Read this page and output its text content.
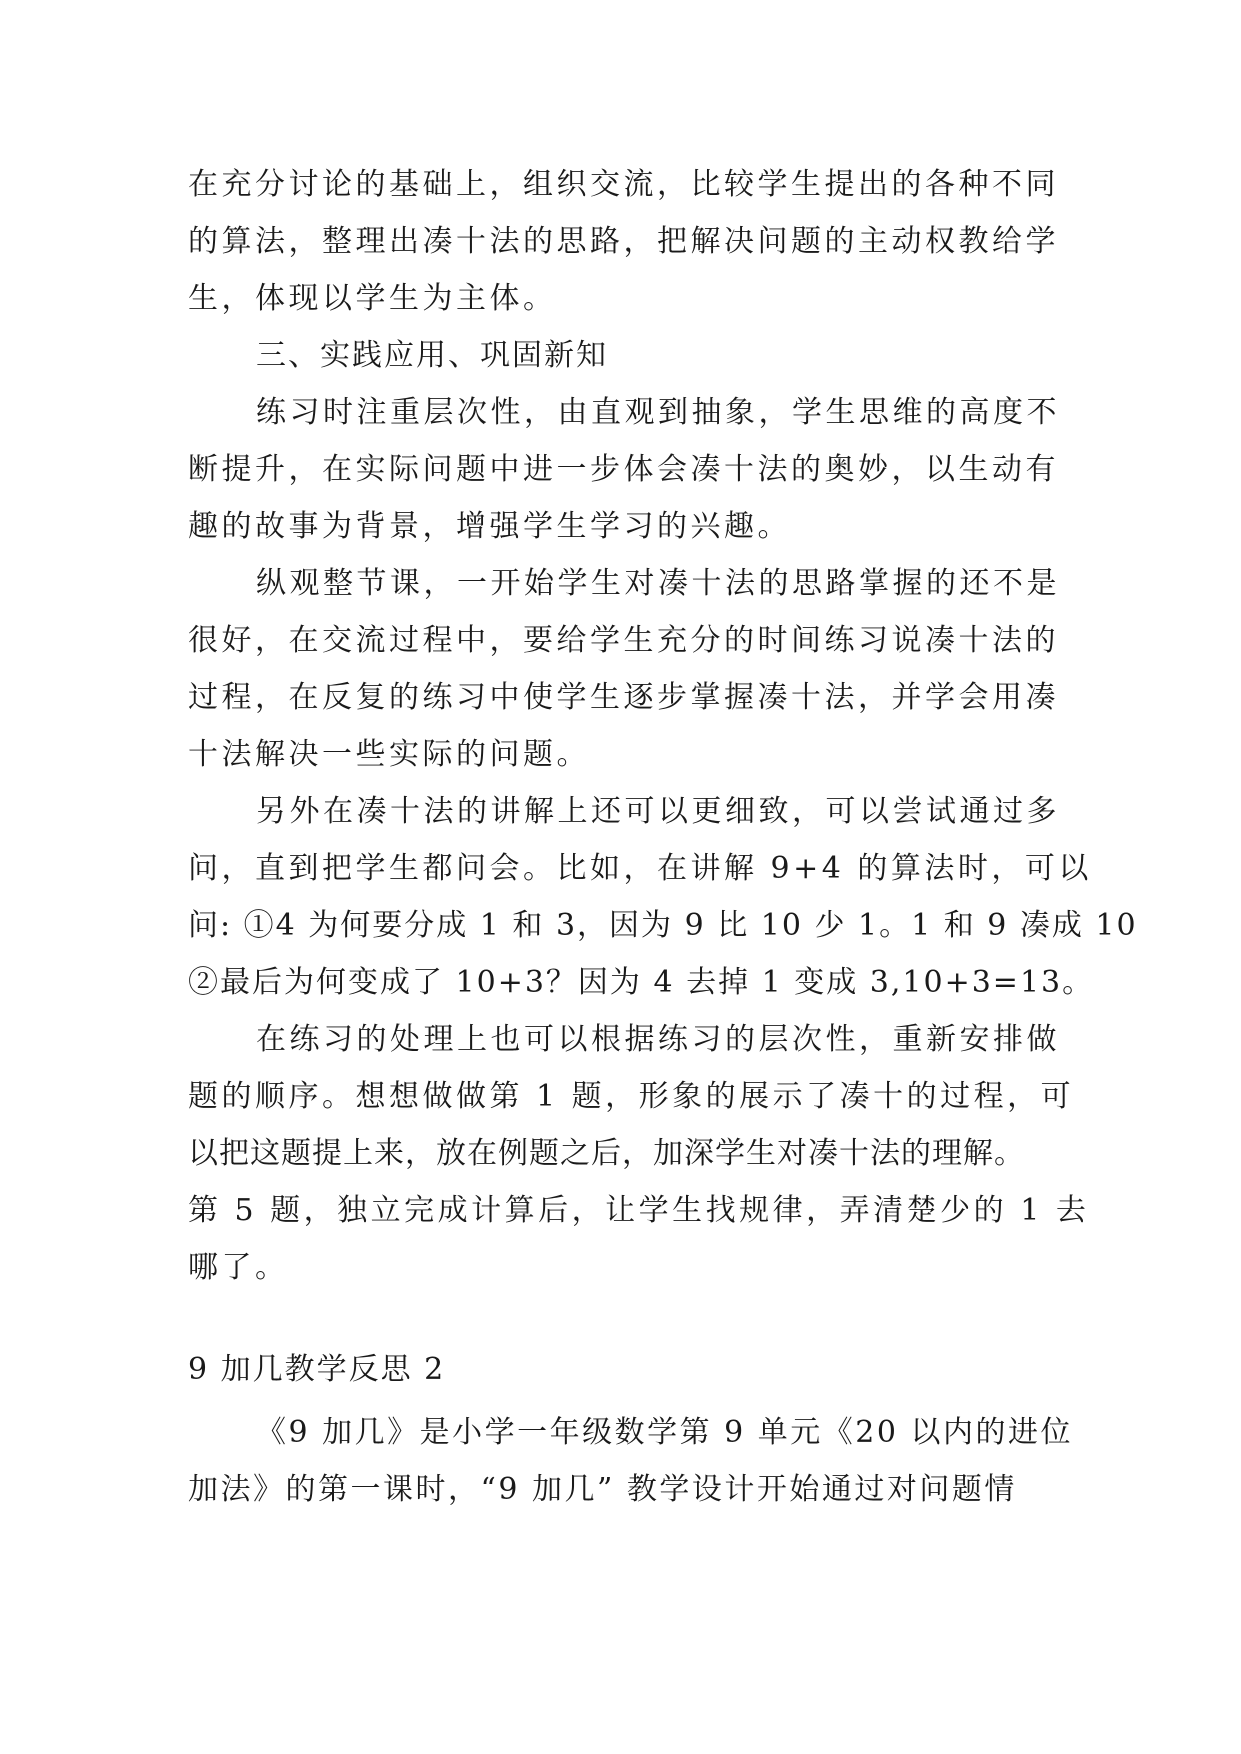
在充分讨论的基础上，组织交流，比较学生提出的各种不同
的算法，整理出凑十法的思路，把解决问题的主动权教给学
生，体现以学生为主体。
三、实践应用、巩固新知
练习时注重层次性，由直观到抽象，学生思维的高度不
断提升，在实际问题中进一步体会凑十法的奥妙，以生动有
趣的故事为背景，增强学生学习的兴趣。
纵观整节课，一开始学生对凑十法的思路掌握的还不是
很好，在交流过程中，要给学生充分的时间练习说凑十法的
过程，在反复的练习中使学生逐步掌握凑十法，并学会用凑
十法解决一些实际的问题。
另外在凑十法的讲解上还可以更细致，可以尝试通过多
问，直到把学生都问会。比如，在讲解 9+4 的算法时，可以
问: ①4 为何要分成 1 和 3，因为 9 比 10 少 1。1 和 9 凑成 10
②最后为何变成了 10+3？因为 4 去掉 1 变成 3,10+3=13。
在练习的处理上也可以根据练习的层次性，重新安排做
题的顺序。想想做做第 1 题，形象的展示了凑十的过程，可
以把这题提上来，放在例题之后，加深学生对凑十法的理解。
第 5 题，独立完成计算后，让学生找规律，弄清楚少的 1 去
哪了。
9 加几教学反思 2
《9 加几》是小学一年级数学第 9 单元《20 以内的进位
加法》的第一课时，“9 加几” 教学设计开始通过对问题情
